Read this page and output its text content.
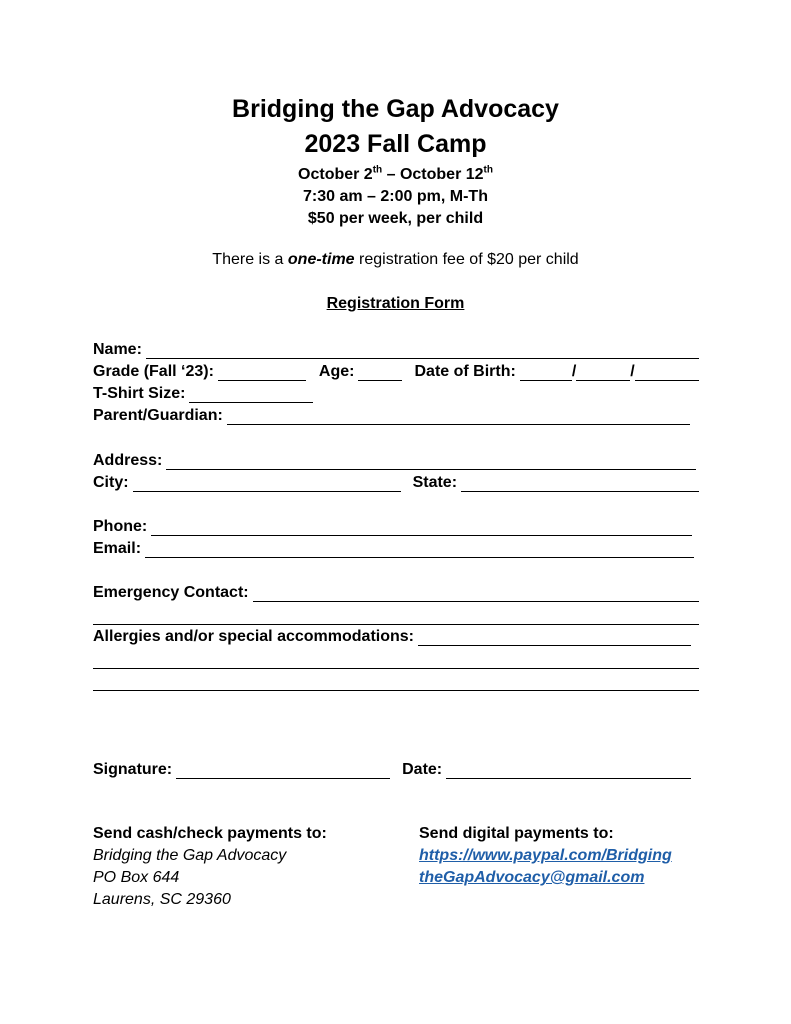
Bridging the Gap Advocacy
2023 Fall Camp
October 2th – October 12th
7:30 am – 2:00 pm, M-Th
$50 per week, per child
There is a one-time registration fee of $20 per child
Registration Form
Name:
Grade (Fall ‘23):	Age:	Date of Birth:	/	/
T-Shirt Size:
Parent/Guardian:
Address:
City:	State:
Phone:
Email:
Emergency Contact:
Allergies and/or special accommodations:
Signature:	Date:
Send cash/check payments to:
Bridging the Gap Advocacy
PO Box 644
Laurens, SC 29360
Send digital payments to:
https://www.paypal.com/Bridging
theGapAdvocacy@gmail.com
